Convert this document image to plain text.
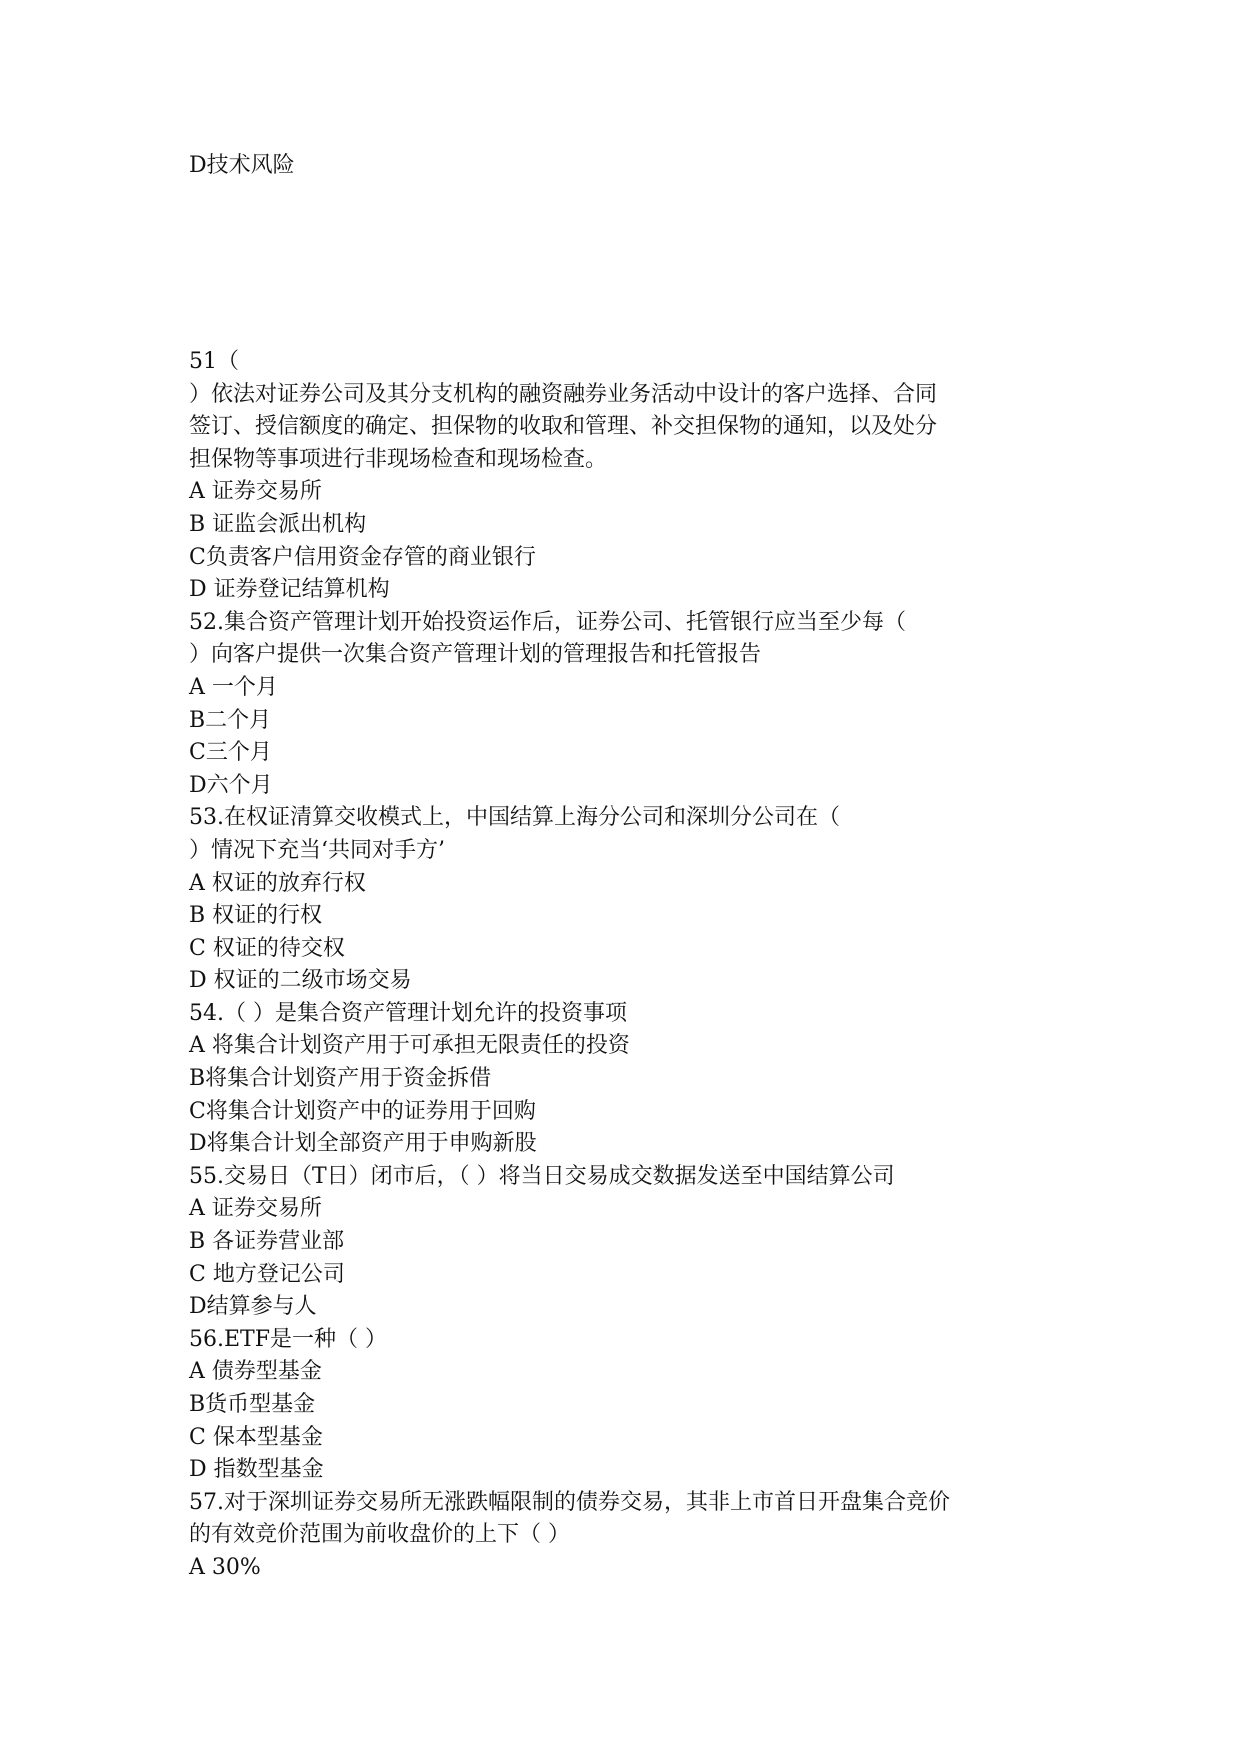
D技术风险
51（
）依法对证券公司及其分支机构的融资融券业务活动中设计的客户选择、合同
签订、授信额度的确定、担保物的收取和管理、补交担保物的通知，以及处分
担保物等事项进行非现场检查和现场检查。
A 证券交易所
B 证监会派出机构
C负责客户信用资金存管的商业银行
D 证券登记结算机构
52.集合资产管理计划开始投资运作后，证券公司、托管银行应当至少每（
）向客户提供一次集合资产管理计划的管理报告和托管报告
A 一个月
B二个月
C三个月
D六个月
53.在权证清算交收模式上，中国结算上海分公司和深圳分公司在（
）情况下充当‘共同对手方’
A 权证的放弃行权
B 权证的行权
C 权证的待交权
D 权证的二级市场交易
54.（ ）是集合资产管理计划允许的投资事项
A 将集合计划资产用于可承担无限责任的投资
B将集合计划资产用于资金拆借
C将集合计划资产中的证券用于回购
D将集合计划全部资产用于申购新股
55.交易日（T日）闭市后，（ ）将当日交易成交数据发送至中国结算公司
A 证券交易所
B 各证券营业部
C 地方登记公司
D结算参与人
56.ETF是一种（ ）
A 债券型基金
B货币型基金
C 保本型基金
D 指数型基金
57.对于深圳证券交易所无涨跌幅限制的债券交易，其非上市首日开盘集合竞价
的有效竞价范围为前收盘价的上下（ ）
A 30%
